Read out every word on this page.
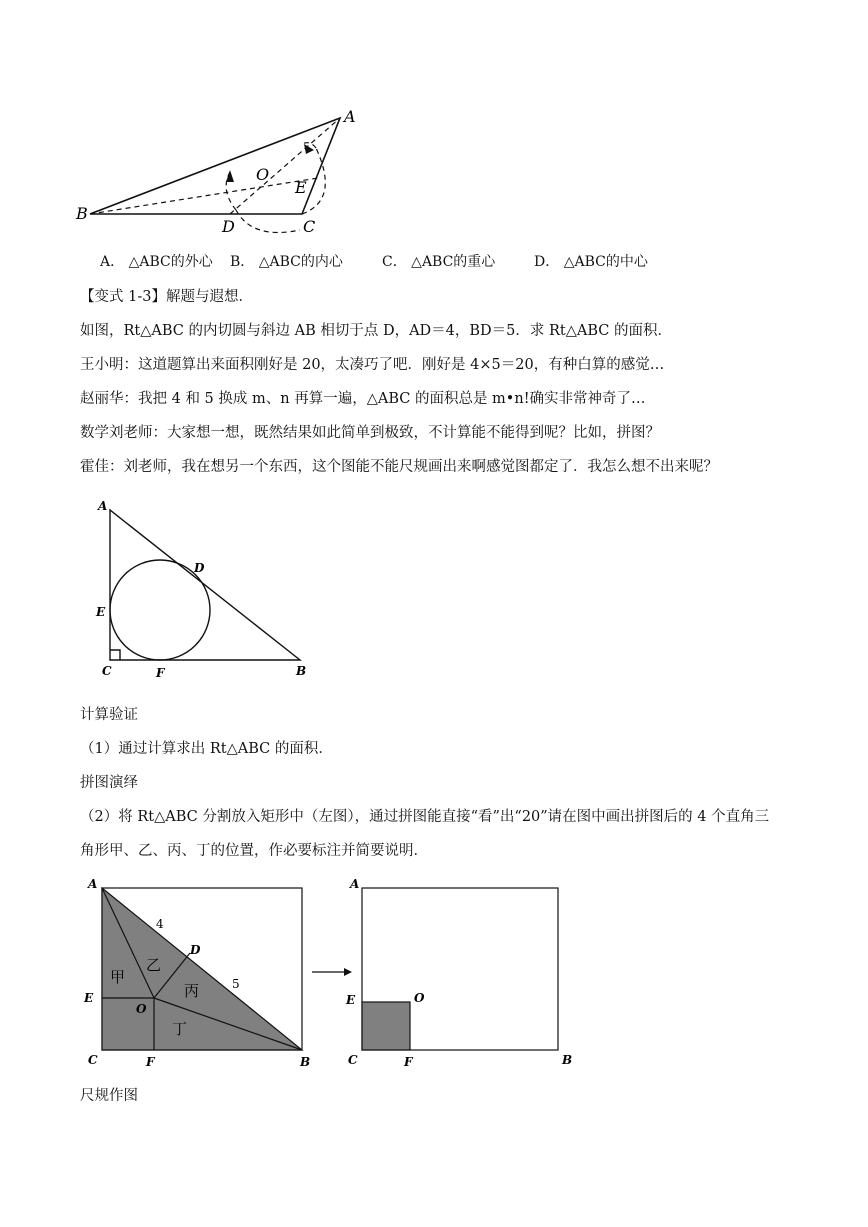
A
B
C
D
E
O
A． △ABC的外心 B． △ABC的内心	C． △ABC的重心	D． △ABC的中心
【变式 1-3】解题与遐想．
如图，Rt△ABC 的内切圆与斜边 AB 相切于点 D，AD＝4，BD＝5．求 Rt△ABC 的面积．
王小明：这道题算出来面积刚好是 20，太凑巧了吧．刚好是 4×5＝20，有种白算的感觉…
赵丽华：我把 4 和 5 换成 m、n 再算一遍，△ABC 的面积总是 m•n!确实非常神奇了…
数学刘老师：大家想一想，既然结果如此简单到极致，不计算能不能得到呢？比如，拼图？
霍佳：刘老师，我在想另一个东西，这个图能不能尺规画出来啊感觉图都定了．我怎么想不出来呢？
A
D
E
C	F	B
计算验证
（1）通过计算求出 Rt△ABC 的面积．
拼图演绎
（2）将 Rt△ABC 分割放入矩形中（左图），通过拼图能直接“看”出“20”请在图中画出拼图后的 4 个直角三
角形甲、乙、丙、丁的位置，作必要标注并简要说明．
A
D
E
O
C	F	B
4
5
甲
乙
丙
丁
A
E	O
C	F	B
尺规作图
